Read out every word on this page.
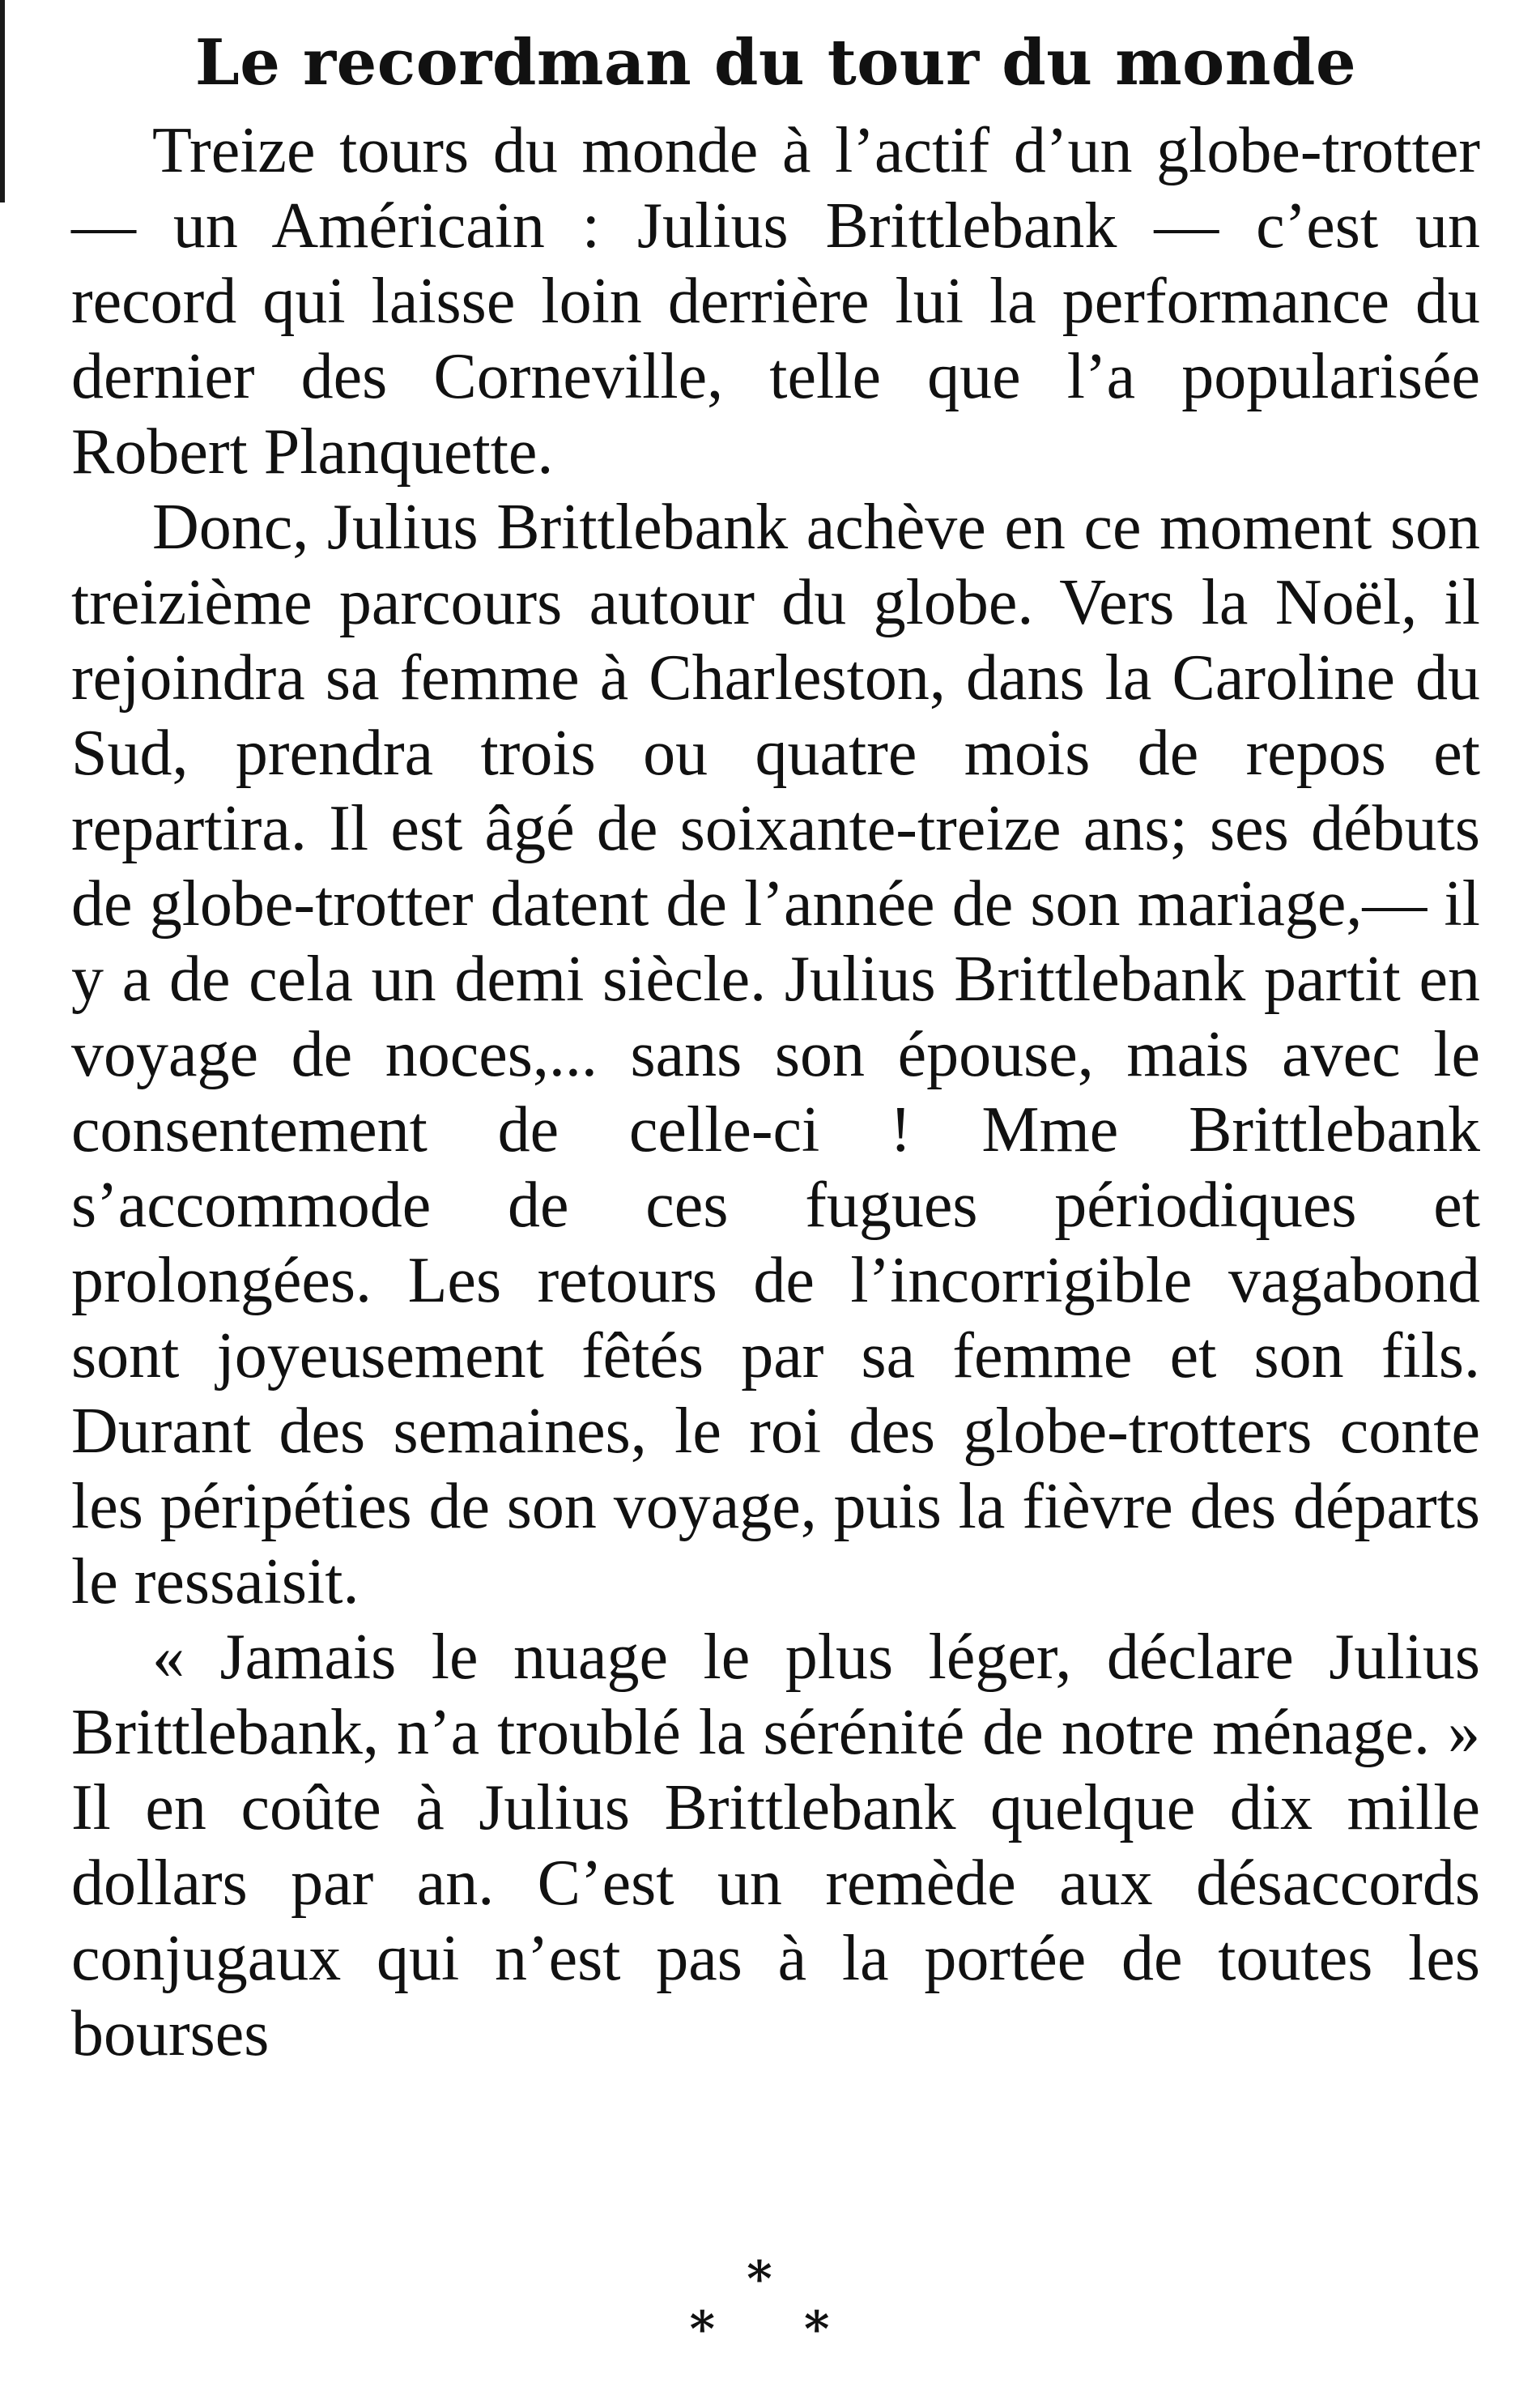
Le recordman du tour du monde

Treize tours du monde à l’actif d’un globe-trotter — un Américain : Julius Brittlebank — c’est un record qui laisse loin derrière lui la performance du dernier des Corneville, telle que l’a popularisée Robert Planquette.

Donc, Julius Brittlebank achève en ce moment son treizième parcours autour du globe. Vers la Noël, il rejoindra sa femme à Charleston, dans la Caroline du Sud, prendra trois ou quatre mois de repos et repartira. Il est âgé de soixante-treize ans; ses débuts de globe-trotter datent de l’année de son mariage,— il y a de cela un demi siècle. Julius Brittlebank partit en voyage de noces,... sans son épouse, mais avec le consentement de celle-ci ! Mme Brittlebank s’accommode de ces fugues périodiques et prolongées. Les retours de l’incorrigible vagabond sont joyeusement fêtés par sa femme et son fils. Durant des semaines, le roi des globe-trotters conte les péripéties de son voyage, puis la fièvre des départs le ressaisit.

« Jamais le nuage le plus léger, déclare Julius Brittlebank, n’a troublé la sérénité de notre ménage. » Il en coûte à Julius Brittlebank quelque dix mille dollars par an. C’est un remède aux désaccords conjugaux qui n’est pas à la portée de toutes les bourses

*
**
